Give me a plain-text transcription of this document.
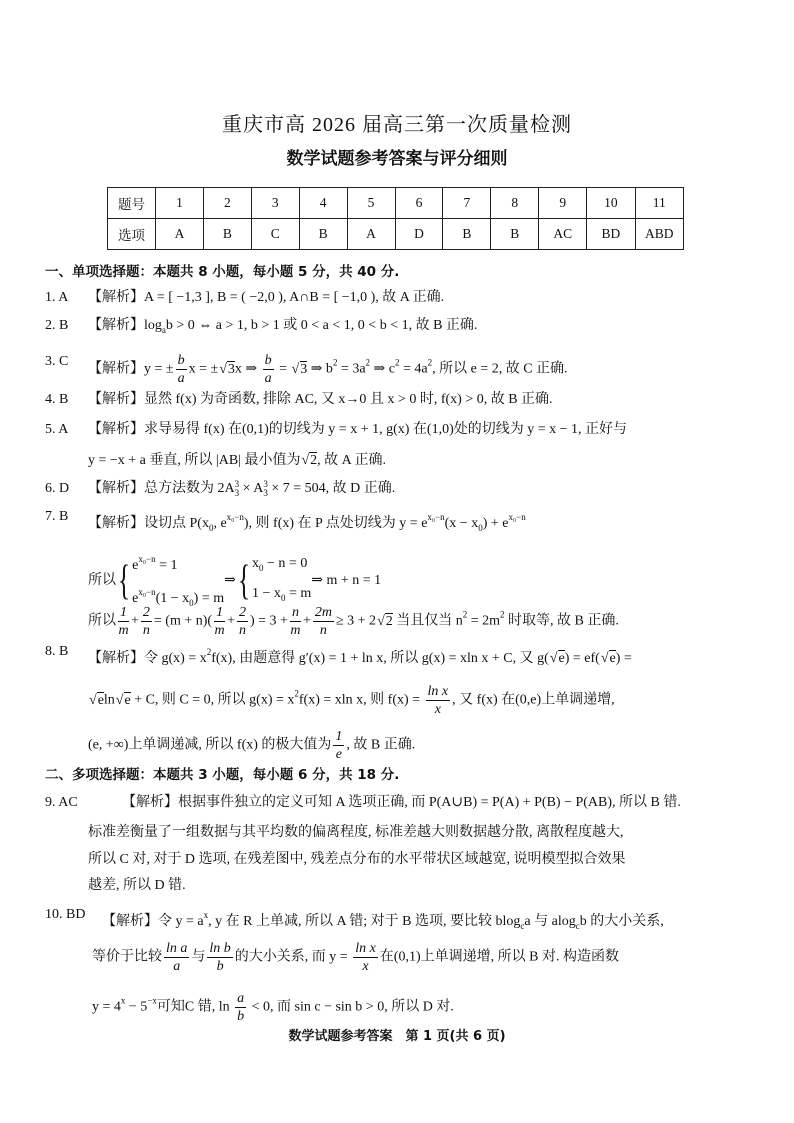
重庆市高 2026 届高三第一次质量检测
数学试题参考答案与评分细则
题号	1	2	3	4	5	6	7	8	9	10	11
选项	A	B	C	B	A	D	B	B	AC	BD	ABD
一、单项选择题：本题共 8 小题，每小题 5 分，共 40 分.
1. A 【解析】A = [ −1,3 ], B = ( −2,0 ), A∩B = [ −1,0 ), 故 A 正确.
2. B 【解析】$\log_ab > 0$ ⇔ a > 1, b > 1 或 0 < a < 1, 0 < b < 1, 故 B 正确.
3. C
【解析】y = ± $\frac{b}{a}$ x = ± √ 3x ⇒ $\frac{b}{a}$ = √ 3 ⇒ $b^2 = 3a^2$ ⇒ $c^2 = 4a^2$, 所以 e = 2, 故 C 正确.
4. B 【解析】显然 f(x) 为奇函数, 排除 AC, 又 x→0 且 x > 0 时, f(x) > 0, 故 B 正确.
5. A 【解析】求导易得 f(x) 在(0,1)的切线为 y = x + 1, g(x) 在(1,0)处的切线为 y = x − 1, 正好与
y = −x + a 垂直, 所以 |AB| 最小值为 √ 2, 故 A 正确.
6. D 【解析】总方法数为 2A 3
3 × A 3
3 × 7 = 504, 故 D 正确.
7. B 【解析】设切点 $P(x_0$, $e^{x_0-n}$), 则 f(x) 在 P 点处切线为 $y = e^{x_0-n}(x - x_0) + e^{x_0-n}$
所以 { $e^{x_0-n} = 1$
$e^{x_0-n}(1 - x_0) = m$
⇒ { $x_0 - n = 0$
$1 - x_0 = m$
⇒ m + n = 1
所以 $\frac{1}{m} + \frac{2}{n} = (m + n)( \frac{1}{m} + \frac{2}{n}$ ) = $3 + \frac{n}{m} + \frac{2m}{n} \ge 3 + 2$ √ 2 当且仅当 $n^2 = 2m^2$ 时取等, 故 B 正确.
8. B 【解析】令 $g(x) = x^2f(x)$, 由题意得 g′(x) = 1 + ln x, 所以 g(x) = xln x + C, 又 g( √ e) = ef( √ e) =
√ eln √ e + C, 则 C = 0, 所以 $g(x) = x^2f(x) = xln$ x, 则 $f(x) = \frac{\text{ln x}}{x}$ , 又 f(x) 在(0,e)上单调递增,
(e, +∞)上单调递减, 所以 f(x) 的极大值为 $\frac{1}{e}$ , 故 B 正确.
二、多项选择题：本题共 3 小题，每小题 6 分，共 18 分.
9. AC	【解析】根据事件独立的定义可知 A 选项正确, 而 P(A∪B) = P(A) + P(B) − P(AB), 所以 B 错.
标准差衡量了一组数据与其平均数的偏离程度, 标准差越大则数据越分散, 离散程度越大,
所以 C 对, 对于 D 选项, 在残差图中, 残差点分布的水平带状区域越宽, 说明模型拟合效果
越差, 所以 D 错.
10. BD 【解析】令 $y = a^x$, y 在 R 上单减, 所以 A 错; 对于 B 选项, 要比较 blog$_c$a 与 alog$_c$b 的大小关系,
等价于比较 $\frac{\text{ln a}}{a}$ 与 $\frac{\text{ln b}}{b}$ 的大小关系, 而 $y = \frac{\text{ln x}}{x}$ 在(0,1)上单调递增, 所以 B 对. 构造函数
$y = 4^x - 5^{-x}$可知C 错, $\ln \frac{a}{b} < 0$, 而 sin c − sin b > 0, 所以 D 对.
数学试题参考答案　第 1 页(共 6 页)
